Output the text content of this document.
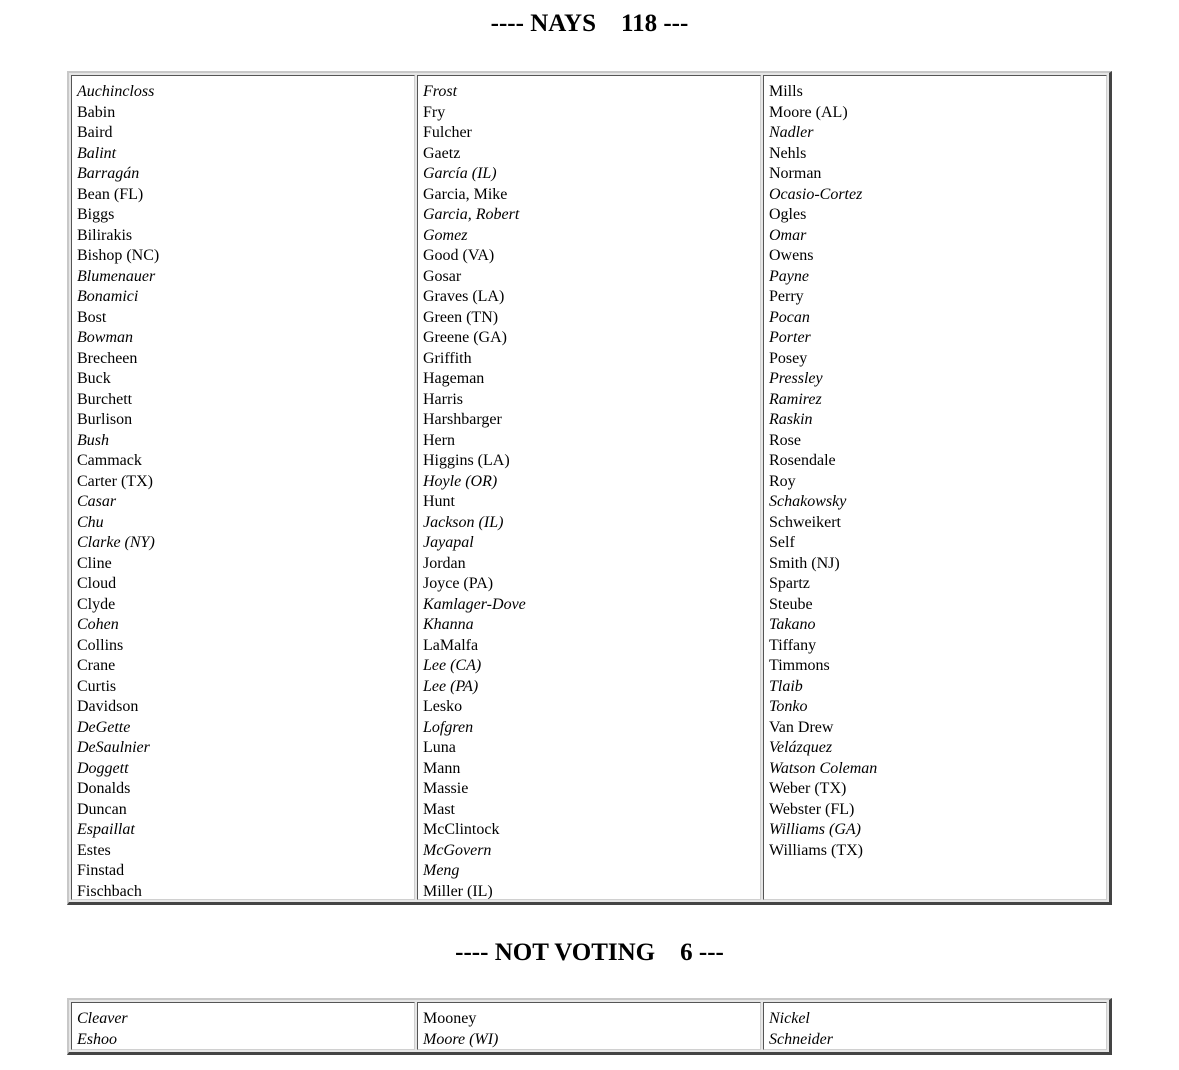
---- NAYS    118 ---
Auchincloss
Babin
Baird
Balint
Barragán
Bean (FL)
Biggs
Bilirakis
Bishop (NC)
Blumenauer
Bonamici
Bost
Bowman
Brecheen
Buck
Burchett
Burlison
Bush
Cammack
Carter (TX)
Casar
Chu
Clarke (NY)
Cline
Cloud
Clyde
Cohen
Collins
Crane
Curtis
Davidson
DeGette
DeSaulnier
Doggett
Donalds
Duncan
Espaillat
Estes
Finstad
Fischbach
Frost
Fry
Fulcher
Gaetz
García (IL)
Garcia, Mike
Garcia, Robert
Gomez
Good (VA)
Gosar
Graves (LA)
Green (TN)
Greene (GA)
Griffith
Hageman
Harris
Harshbarger
Hern
Higgins (LA)
Hoyle (OR)
Hunt
Jackson (IL)
Jayapal
Jordan
Joyce (PA)
Kamlager-Dove
Khanna
LaMalfa
Lee (CA)
Lee (PA)
Lesko
Lofgren
Luna
Mann
Massie
Mast
McClintock
McGovern
Meng
Miller (IL)
Mills
Moore (AL)
Nadler
Nehls
Norman
Ocasio-Cortez
Ogles
Omar
Owens
Payne
Perry
Pocan
Porter
Posey
Pressley
Ramirez
Raskin
Rose
Rosendale
Roy
Schakowsky
Schweikert
Self
Smith (NJ)
Spartz
Steube
Takano
Tiffany
Timmons
Tlaib
Tonko
Van Drew
Velázquez
Watson Coleman
Weber (TX)
Webster (FL)
Williams (GA)
Williams (TX)
---- NOT VOTING    6 ---
Cleaver
Eshoo
Mooney
Moore (WI)
Nickel
Schneider
